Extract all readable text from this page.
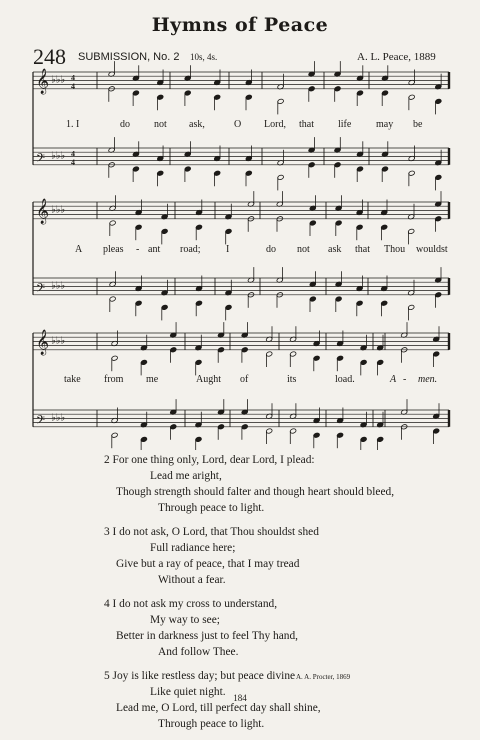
Hymns of Peace
248 SUBMISSION, No. 2 10s, 4s.	A. L. Peace, 1889
𝄞 ♭♭♭ 4
4
𝄢 ♭♭♭ 4
4
𝄞 ♭♭♭
𝄢 ♭♭♭
𝄞 ♭♭♭
𝄢 ♭♭♭
1. I	do not ask,	O Lord, that life may be
A pleas - ant road;	I	do not ask that Thou wouldst
take from me	Aught of	its	load.	A - men.
2 For one thing only, Lord, dear Lord, I plead:
Lead me aright,
Though strength should falter and though heart should bleed,
Through peace to light.
3 I do not ask, O Lord, that Thou shouldst shed
Full radiance here;
Give but a ray of peace, that I may tread
Without a fear.
4 I do not ask my cross to understand,
My way to see;
Better in darkness just to feel Thy hand,
And follow Thee.
5 Joy is like restless day; but peace divine
Like quiet night.
Lead me, O Lord, till perfect day shall shine,
Through peace to light.
A. A. Procter, 1869
184
